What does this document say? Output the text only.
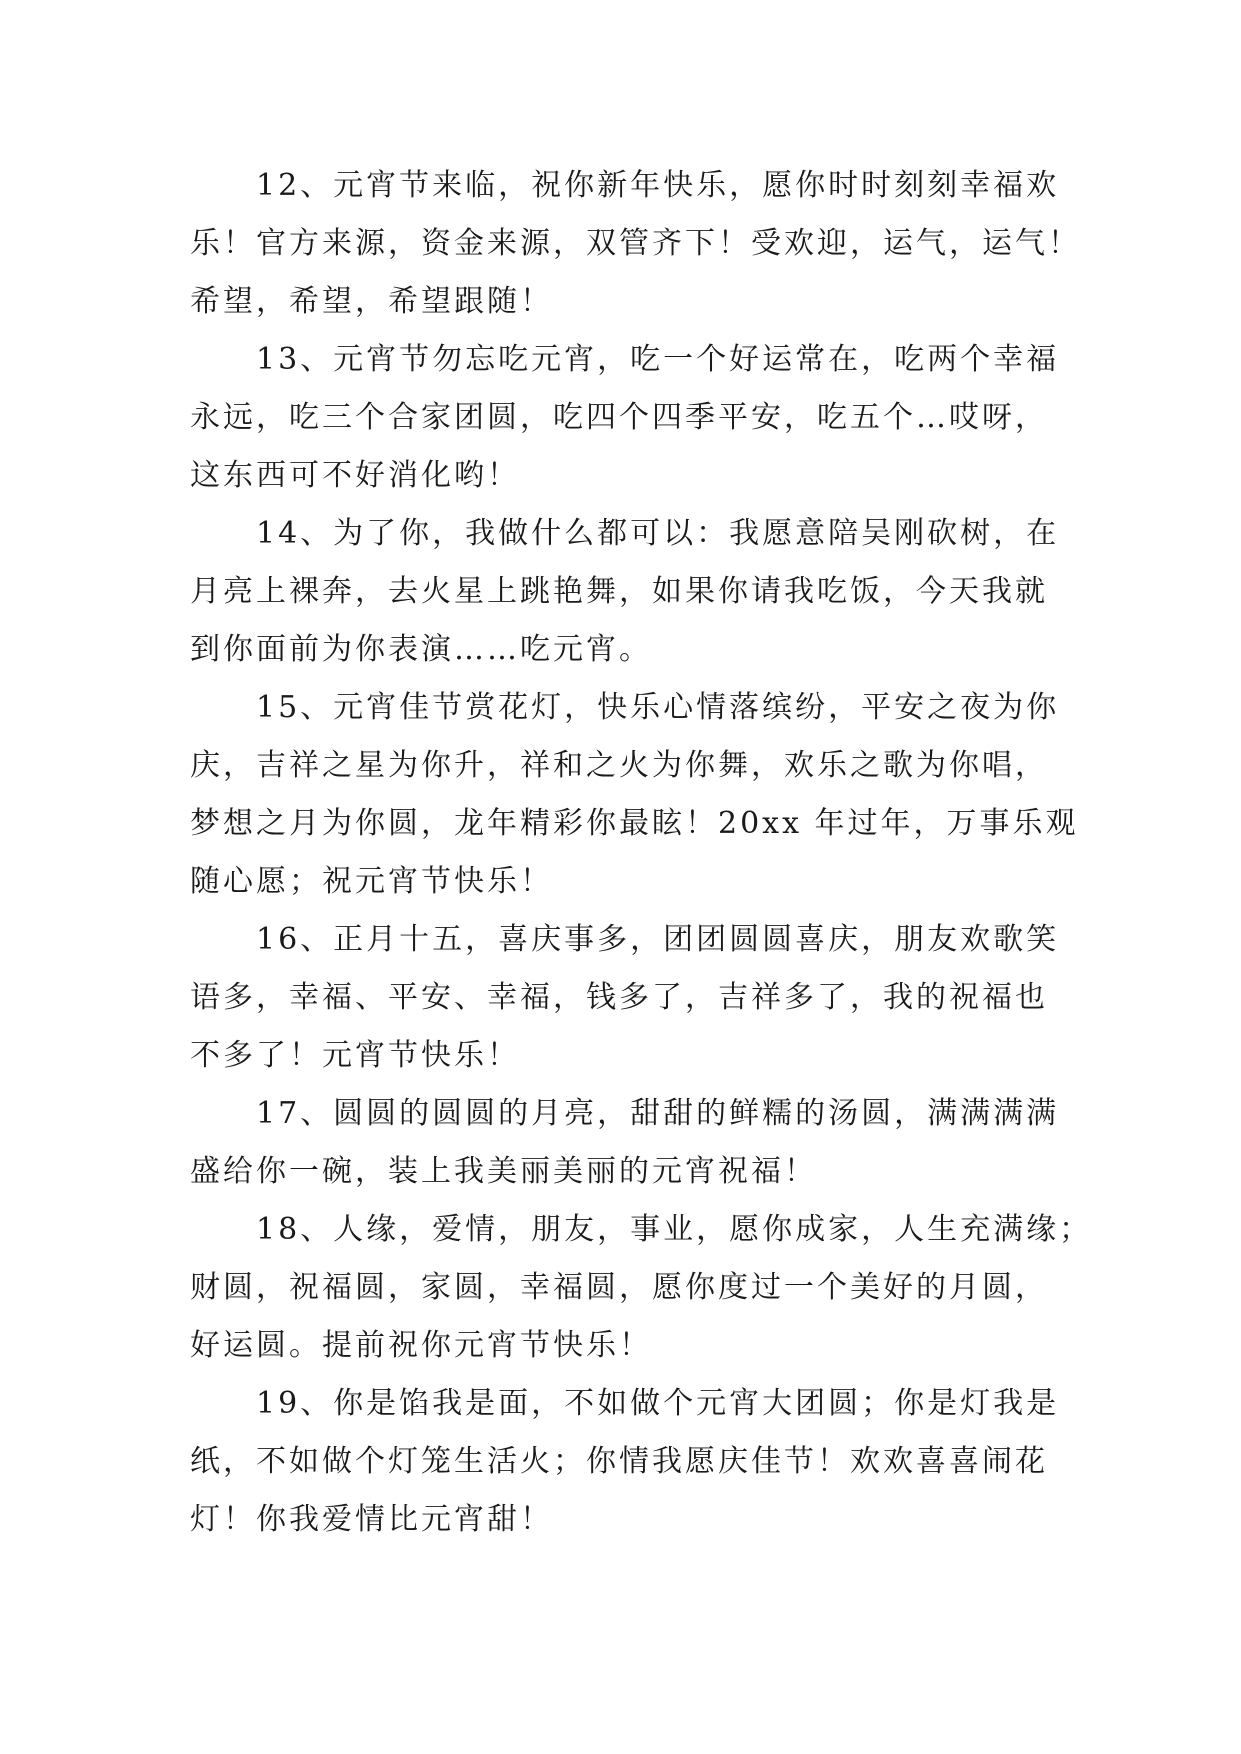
12、元宵节来临，祝你新年快乐，愿你时时刻刻幸福欢
乐！官方来源，资金来源，双管齐下！受欢迎，运气，运气！
希望，希望，希望跟随！

13、元宵节勿忘吃元宵，吃一个好运常在，吃两个幸福
永远，吃三个合家团圆，吃四个四季平安，吃五个…哎呀，
这东西可不好消化哟！

14、为了你，我做什么都可以：我愿意陪吴刚砍树，在
月亮上裸奔，去火星上跳艳舞，如果你请我吃饭，今天我就
到你面前为你表演……吃元宵。

15、元宵佳节赏花灯，快乐心情落缤纷，平安之夜为你
庆，吉祥之星为你升，祥和之火为你舞，欢乐之歌为你唱，
梦想之月为你圆，龙年精彩你最眩！20xx 年过年，万事乐观
随心愿；祝元宵节快乐！

16、正月十五，喜庆事多，团团圆圆喜庆，朋友欢歌笑
语多，幸福、平安、幸福，钱多了，吉祥多了，我的祝福也
不多了！元宵节快乐！

17、圆圆的圆圆的月亮，甜甜的鲜糯的汤圆，满满满满
盛给你一碗，装上我美丽美丽的元宵祝福！

18、人缘，爱情，朋友，事业，愿你成家，人生充满缘；
财圆，祝福圆，家圆，幸福圆，愿你度过一个美好的月圆，
好运圆。提前祝你元宵节快乐！

19、你是馅我是面，不如做个元宵大团圆；你是灯我是
纸，不如做个灯笼生活火；你情我愿庆佳节！欢欢喜喜闹花
灯！你我爱情比元宵甜！
